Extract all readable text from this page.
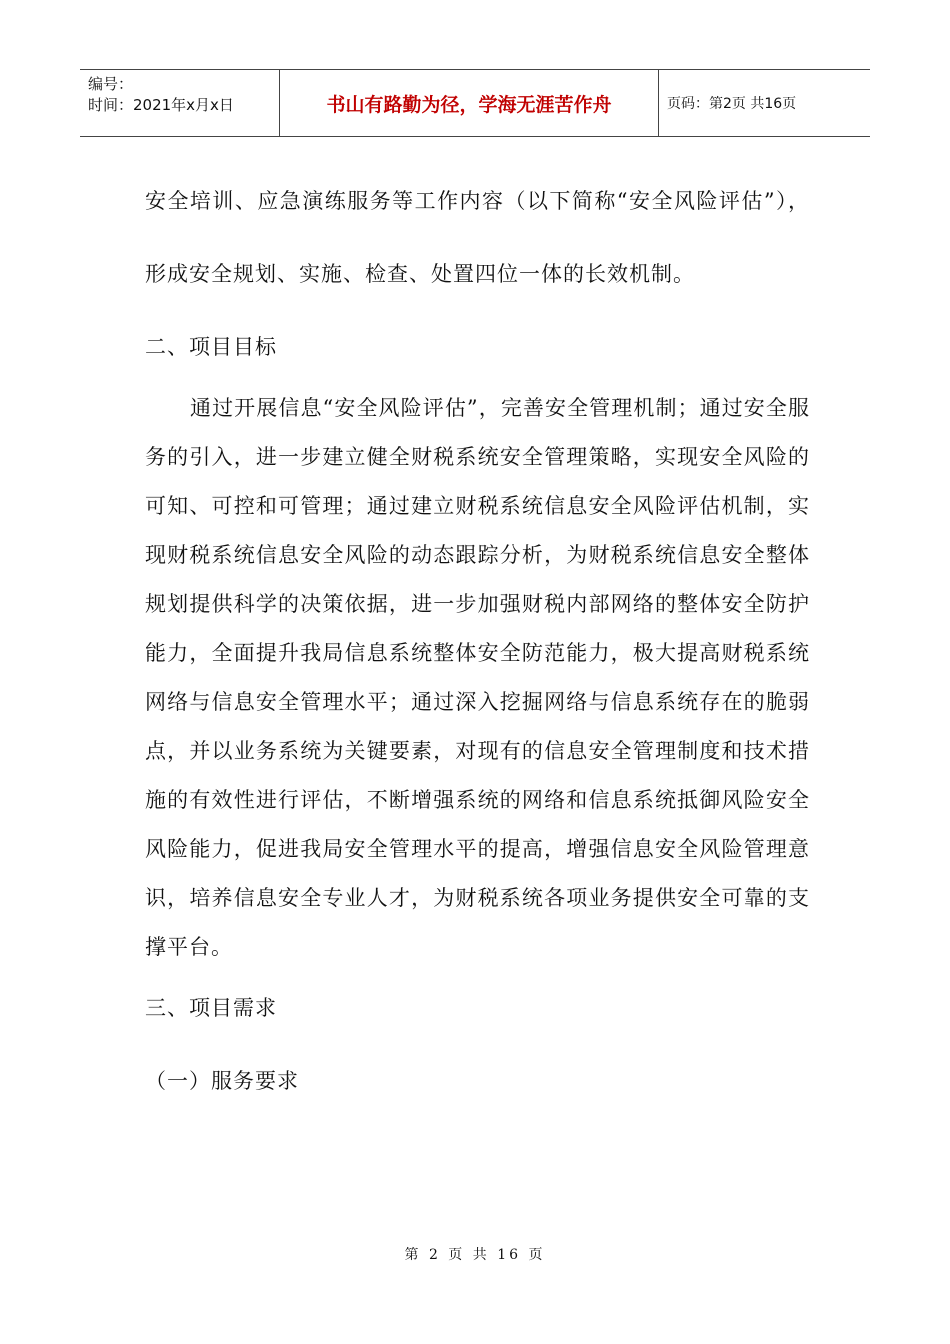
编号：
时间：2021年x月x日	书山有路勤为径，学海无涯苦作舟	页码：第2页 共16页

安全培训、应急演练服务等工作内容（以下简称“安全风险评估”），形成安全规划、实施、检查、处置四位一体的长效机制。

二、项目目标

通过开展信息“安全风险评估”，完善安全管理机制；通过安全服务的引入，进一步建立健全财税系统安全管理策略，实现安全风险的可知、可控和可管理；通过建立财税系统信息安全风险评估机制，实现财税系统信息安全风险的动态跟踪分析，为财税系统信息安全整体规划提供科学的决策依据，进一步加强财税内部网络的整体安全防护能力，全面提升我局信息系统整体安全防范能力，极大提高财税系统网络与信息安全管理水平；通过深入挖掘网络与信息系统存在的脆弱点，并以业务系统为关键要素，对现有的信息安全管理制度和技术措施的有效性进行评估，不断增强系统的网络和信息系统抵御风险安全风险能力，促进我局安全管理水平的提高，增强信息安全风险管理意识，培养信息安全专业人才，为财税系统各项业务提供安全可靠的支撑平台。

三、项目需求

（一）服务要求

第 2 页 共 16 页
